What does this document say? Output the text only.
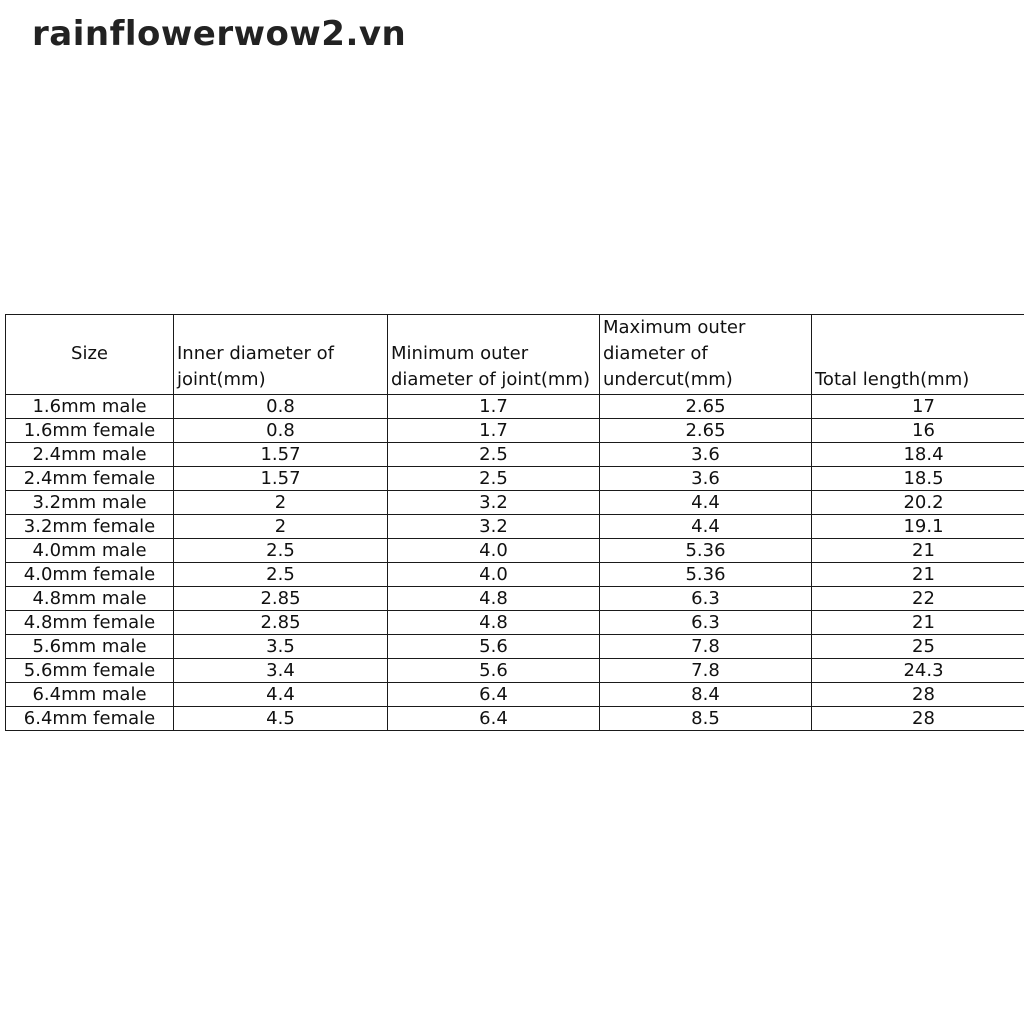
rainflowerwow2.vn
Size	Inner diameter of joint(mm)	Minimum outer diameter of joint(mm)	Maximum outer diameter of undercut(mm)	Total length(mm)
1.6mm male	0.8	1.7	2.65	17
1.6mm female	0.8	1.7	2.65	16
2.4mm male	1.57	2.5	3.6	18.4
2.4mm female	1.57	2.5	3.6	18.5
3.2mm male	2	3.2	4.4	20.2
3.2mm female	2	3.2	4.4	19.1
4.0mm male	2.5	4.0	5.36	21
4.0mm female	2.5	4.0	5.36	21
4.8mm male	2.85	4.8	6.3	22
4.8mm female	2.85	4.8	6.3	21
5.6mm male	3.5	5.6	7.8	25
5.6mm female	3.4	5.6	7.8	24.3
6.4mm male	4.4	6.4	8.4	28
6.4mm female	4.5	6.4	8.5	28
